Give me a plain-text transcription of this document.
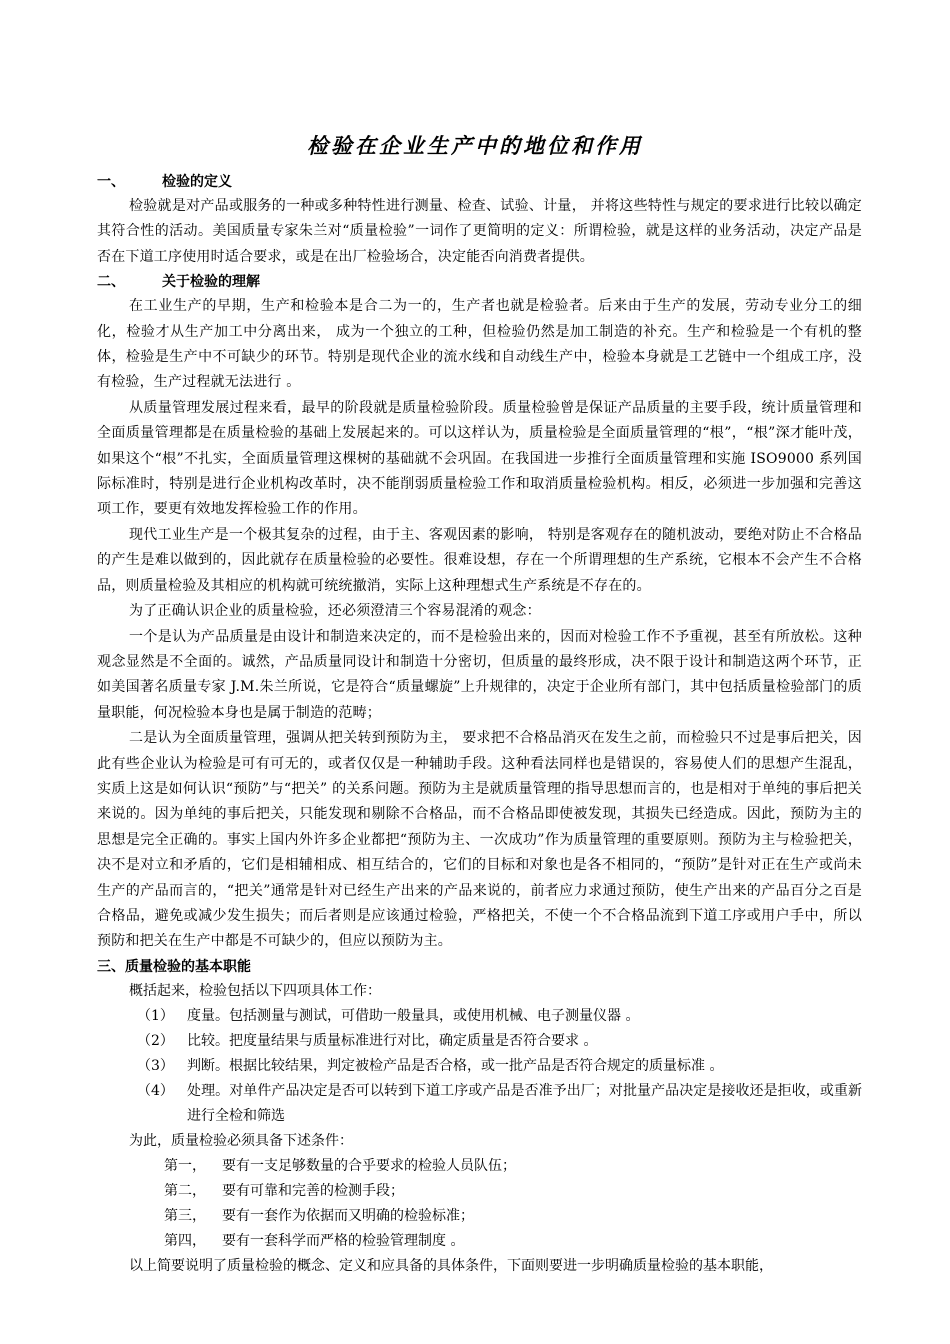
检验在企业生产中的地位和作用
一、	检验的定义

检验就是对产品或服务的一种或多种特性进行测量、检查、试验、计量， 并将这些特性与规定的要求进行比较以确定其符合性的活动。美国质量专家朱兰对“质量检验”一词作了更简明的定义：所谓检验，就是这样的业务活动，决定产品是否在下道工序使用时适合要求，或是在出厂检验场合，决定能否向消费者提供。

二、	关于检验的理解

在工业生产的早期，生产和检验本是合二为一的，生产者也就是检验者。后来由于生产的发展，劳动专业分工的细化，检验才从生产加工中分离出来， 成为一个独立的工种，但检验仍然是加工制造的补充。生产和检验是一个有机的整体，检验是生产中不可缺少的环节。特别是现代企业的流水线和自动线生产中，检验本身就是工艺链中一个组成工序，没有检验，生产过程就无法进行 。

从质量管理发展过程来看，最早的阶段就是质量检验阶段。质量检验曾是保证产品质量的主要手段，统计质量管理和全面质量管理都是在质量检验的基础上发展起来的。可以这样认为，质量检验是全面质量管理的“根”，“根”深才能叶茂，如果这个“根”不扎实，全面质量管理这棵树的基础就不会巩固。在我国进一步推行全面质量管理和实施 ISO9000 系列国际标准时，特别是进行企业机构改革时，决不能削弱质量检验工作和取消质量检验机构。相反，必须进一步加强和完善这项工作，要更有效地发挥检验工作的作用。

现代工业生产是一个极其复杂的过程，由于主、客观因素的影响， 特别是客观存在的随机波动，要绝对防止不合格品的产生是难以做到的，因此就存在质量检验的必要性。很难设想，存在一个所谓理想的生产系统，它根本不会产生不合格品，则质量检验及其相应的机构就可统统撤消，实际上这种理想式生产系统是不存在的。

为了正确认识企业的质量检验，还必须澄清三个容易混淆的观念：

一个是认为产品质量是由设计和制造来决定的，而不是检验出来的，因而对检验工作不予重视，甚至有所放松。这种观念显然是不全面的。诚然，产品质量同设计和制造十分密切，但质量的最终形成，决不限于设计和制造这两个环节，正如美国著名质量专家 J.M.朱兰所说，它是符合“质量螺旋”上升规律的，决定于企业所有部门，其中包括质量检验部门的质量职能，何况检验本身也是属于制造的范畴；

二是认为全面质量管理，强调从把关转到预防为主， 要求把不合格品消灭在发生之前，而检验只不过是事后把关，因此有些企业认为检验是可有可无的，或者仅仅是一种辅助手段。这种看法同样也是错误的，容易使人们的思想产生混乱，实质上这是如何认识“预防”与“把关” 的关系问题。预防为主是就质量管理的指导思想而言的，也是相对于单纯的事后把关来说的。因为单纯的事后把关，只能发现和剔除不合格品，而不合格品即使被发现，其损失已经造成。因此，预防为主的思想是完全正确的。事实上国内外许多企业都把“预防为主、一次成功”作为质量管理的重要原则。预防为主与检验把关，决不是对立和矛盾的，它们是相辅相成、相互结合的，它们的目标和对象也是各不相同的，“预防”是针对正在生产或尚未生产的产品而言的，“把关”通常是针对已经生产出来的产品来说的，前者应力求通过预防，使生产出来的产品百分之百是合格品，避免或减少发生损失；而后者则是应该通过检验，严格把关，不使一个不合格品流到下道工序或用户手中，所以预防和把关在生产中都是不可缺少的，但应以预防为主。

三、质量检验的基本职能

概括起来，检验包括以下四项具体工作：

（1） 度量。包括测量与测试，可借助一般量具，或使用机械、电子测量仪器 。

（2） 比较。把度量结果与质量标准进行对比，确定质量是否符合要求 。

（3） 判断。根据比较结果，判定被检产品是否合格，或一批产品是否符合规定的质量标准 。

（4） 处理。对单件产品决定是否可以转到下道工序或产品是否准予出厂；对批量产品决定是接收还是拒收，或重新进行全检和筛选

为此，质量检验必须具备下述条件：

第一， 要有一支足够数量的合乎要求的检验人员队伍；

第二， 要有可靠和完善的检测手段；

第三， 要有一套作为依据而又明确的检验标准；

第四， 要有一套科学而严格的检验管理制度 。

以上简要说明了质量检验的概念、定义和应具备的具体条件，下面则要进一步明确质量检验的基本职能，
